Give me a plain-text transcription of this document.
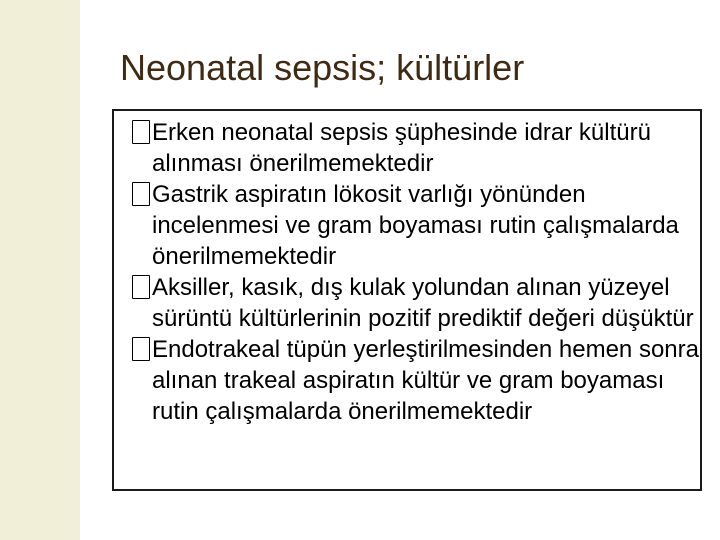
Neonatal sepsis; kültürler
Erken neonatal sepsis şüphesinde idrar kültürü alınması önerilmemektedir
Gastrik aspiratın lökosit varlığı yönünden incelenmesi ve gram boyaması rutin çalışmalarda önerilmemektedir
Aksiller, kasık, dış kulak yolundan alınan yüzeyel sürüntü kültürlerinin pozitif prediktif değeri düşüktür
Endotrakeal tüpün yerleştirilmesinden hemen sonra alınan trakeal aspiratın kültür ve gram boyaması rutin çalışmalarda önerilmemektedir
